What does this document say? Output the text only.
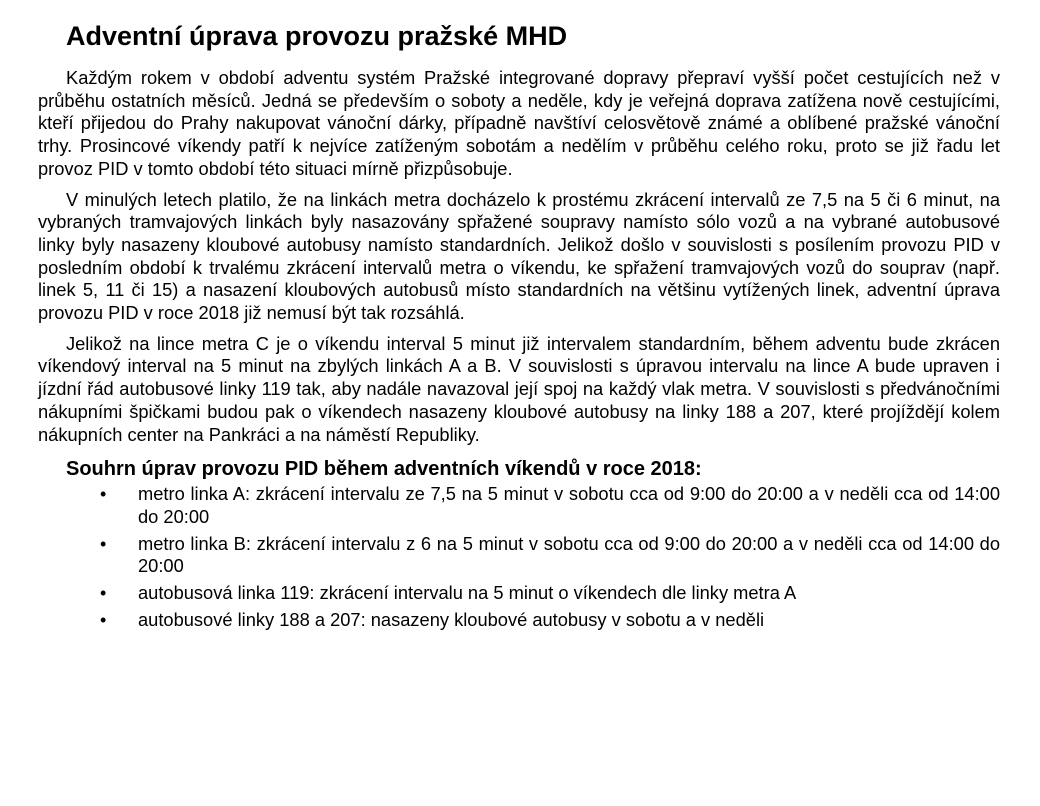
Adventní úprava provozu pražské MHD

Každým rokem v období adventu systém Pražské integrované dopravy přepraví vyšší počet cestujících než v průběhu ostatních měsíců. Jedná se především o soboty a neděle, kdy je veřejná doprava zatížena nově cestujícími, kteří přijedou do Prahy nakupovat vánoční dárky, případně navštíví celosvětově známé a oblíbené pražské vánoční trhy. Prosincové víkendy patří k nejvíce zatíženým sobotám a nedělím v průběhu celého roku, proto se již řadu let provoz PID v tomto období této situaci mírně přizpůsobuje.

V minulých letech platilo, že na linkách metra docházelo k prostému zkrácení intervalů ze 7,5 na 5 či 6 minut, na vybraných tramvajových linkách byly nasazovány spřažené soupravy namísto sólo vozů a na vybrané autobusové linky byly nasazeny kloubové autobusy namísto standardních. Jelikož došlo v souvislosti s posílením provozu PID v posledním období k trvalému zkrácení intervalů metra o víkendu, ke spřažení tramvajových vozů do souprav (např. linek 5, 11 či 15) a nasazení kloubových autobusů místo standardních na většinu vytížených linek, adventní úprava provozu PID v roce 2018 již nemusí být tak rozsáhlá.

Jelikož na lince metra C je o víkendu interval 5 minut již intervalem standardním, během adventu bude zkrácen víkendový interval na 5 minut na zbylých linkách A a B. V souvislosti s úpravou intervalu na lince A bude upraven i jízdní řád autobusové linky 119 tak, aby nadále navazoval její spoj na každý vlak metra. V souvislosti s předvánočními nákupními špičkami budou pak o víkendech nasazeny kloubové autobusy na linky 188 a 207, které projíždějí kolem nákupních center na Pankráci a na náměstí Republiky.

Souhrn úprav provozu PID během adventních víkendů v roce 2018:
• metro linka A: zkrácení intervalu ze 7,5 na 5 minut v sobotu cca od 9:00 do 20:00 a v neděli cca od 14:00 do 20:00
• metro linka B: zkrácení intervalu z 6 na 5 minut v sobotu cca od 9:00 do 20:00 a v neděli cca od 14:00 do 20:00
• autobusová linka 119: zkrácení intervalu na 5 minut o víkendech dle linky metra A
• autobusové linky 188 a 207: nasazeny kloubové autobusy v sobotu a v neděli
